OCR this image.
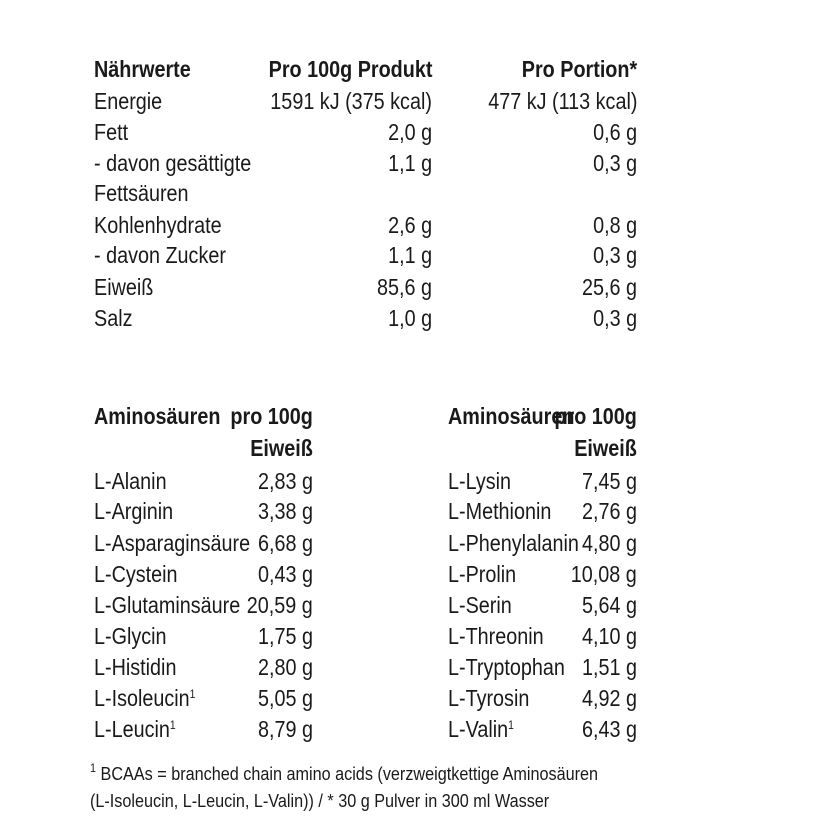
Nährwerte	Pro 100g Produkt	Pro Portion*
Energie	1591 kJ (375 kcal) 477 kJ (113 kcal)
Fett	2,0 g	0,6 g
- davon gesättigte	1,1 g	0,3 g
Fettsäuren
Kohlenhydrate	2,6 g	0,8 g
- davon Zucker	1,1 g	0,3 g
Eiweiß	85,6 g	25,6 g
Salz	1,0 g	0,3 g
Aminosäuren pro 100g
Eiweiß
L-Alanin	2,83 g
L-Arginin	3,38 g
L-Asparaginsäure 6,68 g
L-Cystein	0,43 g
L-Glutaminsäure 20,59 g
L-Glycin	1,75 g
L-Histidin	2,80 g
L-Isoleucin$^1$	5,05 g
L-Leucin$^1$	8,79 g
Aminosäuren
pro 100g
Eiweiß
L-Lysin	7,45 g
L-Methionin 2,76 g
L-Phenylalanin 4,80 g
L-Prolin 10,08 g
L-Serin	5,64 g
L-Threonin 4,10 g
L-Tryptophan 1,51 g
L-Tyrosin 4,92 g
L-Valin$^1$	6,43 g
$^1$ BCAAs = branched chain amino acids (verzweigtkettige Aminosäuren
(L-Isoleucin, L-Leucin, L-Valin)) / * 30 g Pulver in 300 ml Wasser
